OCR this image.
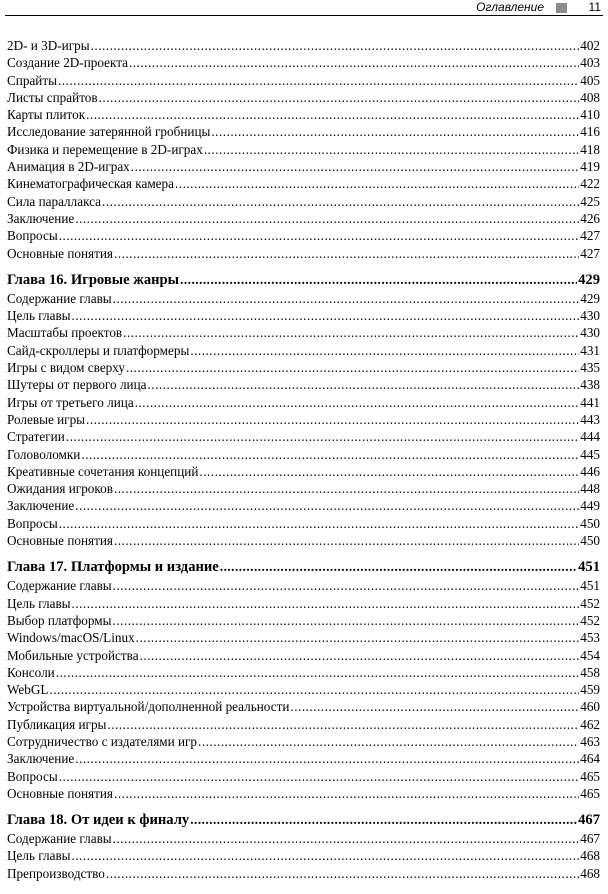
Оглавление	11
2D- и 3D-игры .....	402
Создание 2D-проекта .....	403
Спрайты .....	405
Листы спрайтов .....	408
Карты плиток .....	410
Исследование затерянной гробницы .....	416
Физика и перемещение в 2D-играх .....	418
Анимация в 2D-играх .....	419
Кинематографическая камера .....	422
Сила параллакса .....	425
Заключение .....	426
Вопросы .....	427
Основные понятия .....	427
Глава 16. Игровые жанры .....	429
Содержание главы .....	429
Цель главы .....	430
Масштабы проектов .....	430
Сайд-скроллеры и платформеры .....	431
Игры с видом сверху .....	435
Шутеры от первого лица .....	438
Игры от третьего лица .....	441
Ролевые игры .....	443
Стратегии .....	444
Головоломки .....	445
Креативные сочетания концепций .....	446
Ожидания игроков .....	448
Заключение .....	449
Вопросы .....	450
Основные понятия .....	450
Глава 17. Платформы и издание .....	451
Содержание главы .....	451
Цель главы .....	452
Выбор платформы .....	452
Windows/macOS/Linux .....	453
Мобильные устройства .....	454
Консоли .....	458
WebGL .....	459
Устройства виртуальной/дополненной реальности .....	460
Публикация игры .....	462
Сотрудничество с издателями игр .....	463
Заключение .....	464
Вопросы .....	465
Основные понятия .....	465
Глава 18. От идеи к финалу .....	467
Содержание главы .....	467
Цель главы .....	468
Препроизводство .....	468
